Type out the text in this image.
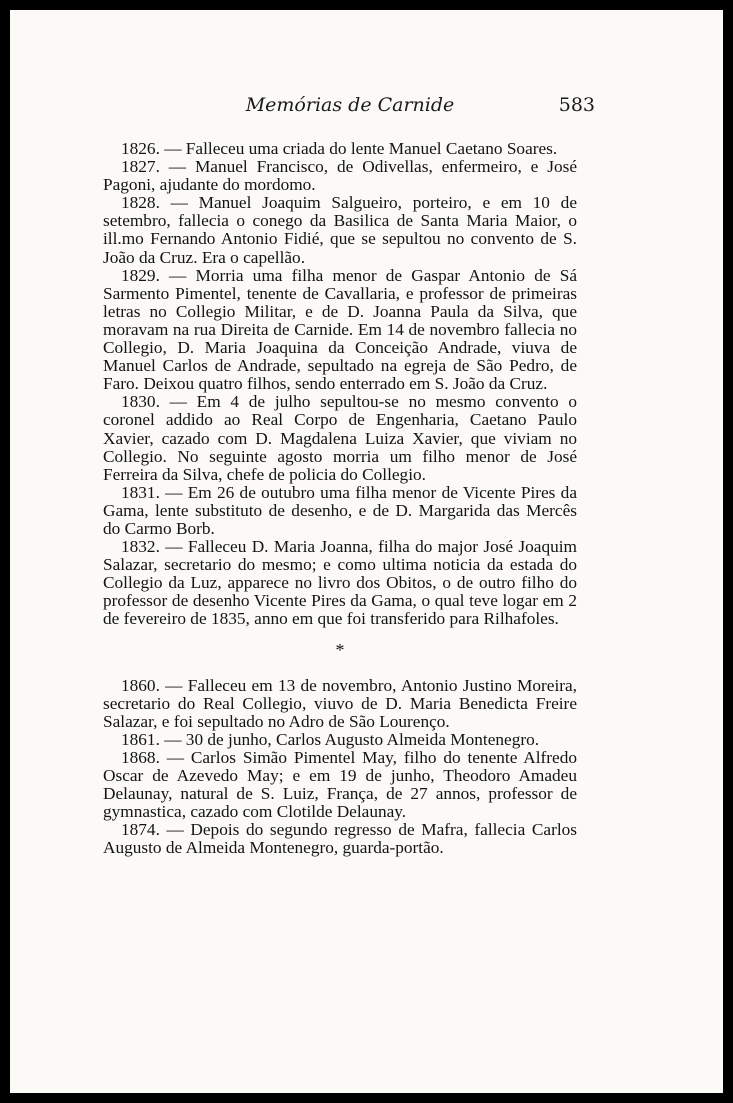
Memórias de Carnide	583

1826. — Falleceu uma criada do lente Manuel Caetano Soares.

1827. — Manuel Francisco, de Odivellas, enfermeiro, e José Pagoni, ajudante do mordomo.

1828. — Manuel Joaquim Salgueiro, porteiro, e em 10 de setembro, fallecia o conego da Basilica de Santa Maria Maior, o ill.mo Fernando Antonio Fidié, que se sepultou no convento de S. João da Cruz. Era o capellão.

1829. — Morria uma filha menor de Gaspar Antonio de Sá Sarmento Pimentel, tenente de Cavallaria, e professor de primeiras letras no Collegio Militar, e de D. Joanna Paula da Silva, que moravam na rua Direita de Carnide. Em 14 de novembro fallecia no Collegio, D. Maria Joaquina da Conceição Andrade, viuva de Manuel Carlos de Andrade, sepultado na egreja de São Pedro, de Faro. Deixou quatro filhos, sendo enterrado em S. João da Cruz.

1830. — Em 4 de julho sepultou-se no mesmo convento o coronel addido ao Real Corpo de Engenharia, Caetano Paulo Xavier, cazado com D. Magdalena Luiza Xavier, que viviam no Collegio. No seguinte agosto morria um filho menor de José Ferreira da Silva, chefe de policia do Collegio.

1831. — Em 26 de outubro uma filha menor de Vicente Pires da Gama, lente substituto de desenho, e de D. Margarida das Mercês do Carmo Borb.

1832. — Falleceu D. Maria Joanna, filha do major José Joaquim Salazar, secretario do mesmo; e como ultima noticia da estada do Collegio da Luz, apparece no livro dos Obitos, o de outro filho do professor de desenho Vicente Pires da Gama, o qual teve logar em 2 de fevereiro de 1835, anno em que foi transferido para Rilhafoles.

*

1860. — Falleceu em 13 de novembro, Antonio Justino Moreira, secretario do Real Collegio, viuvo de D. Maria Benedicta Freire Salazar, e foi sepultado no Adro de São Lourenço.

1861. — 30 de junho, Carlos Augusto Almeida Montenegro.

1868. — Carlos Simão Pimentel May, filho do tenente Alfredo Oscar de Azevedo May; e em 19 de junho, Theodoro Amadeu Delaunay, natural de S. Luiz, França, de 27 annos, professor de gymnastica, cazado com Clotilde Delaunay.

1874. — Depois do segundo regresso de Mafra, fallecia Carlos Augusto de Almeida Montenegro, guarda-portão.
